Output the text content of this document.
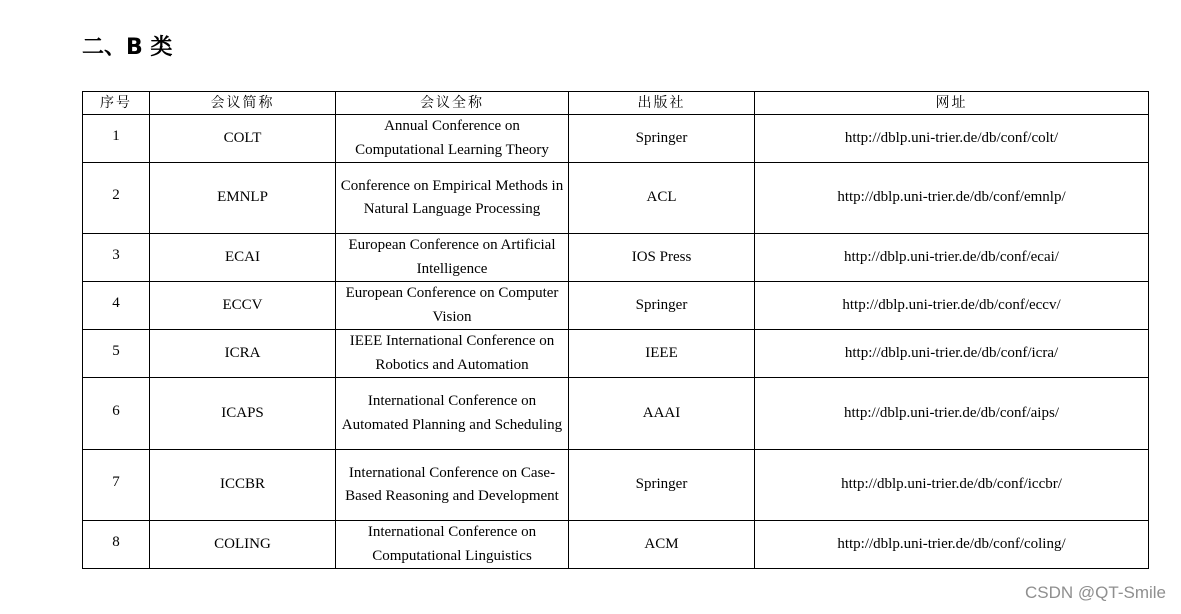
二、B 类
序号	会议简称	会议全称	出版社	网址
1	COLT	Annual Conference on Computational Learning Theory	Springer	http://dblp.uni-trier.de/db/conf/colt/
2	EMNLP	Conference on Empirical Methods in Natural Language Processing	ACL	http://dblp.uni-trier.de/db/conf/emnlp/
3	ECAI	European Conference on Artificial Intelligence	IOS Press	http://dblp.uni-trier.de/db/conf/ecai/
4	ECCV	European Conference on Computer Vision	Springer	http://dblp.uni-trier.de/db/conf/eccv/
5	ICRA	IEEE International Conference on Robotics and Automation	IEEE	http://dblp.uni-trier.de/db/conf/icra/
6	ICAPS	International Conference on Automated Planning and Scheduling	AAAI	http://dblp.uni-trier.de/db/conf/aips/
7	ICCBR	International Conference on Case-Based Reasoning and Development	Springer	http://dblp.uni-trier.de/db/conf/iccbr/
8	COLING	International Conference on Computational Linguistics	ACM	http://dblp.uni-trier.de/db/conf/coling/
CSDN @QT-Smile
